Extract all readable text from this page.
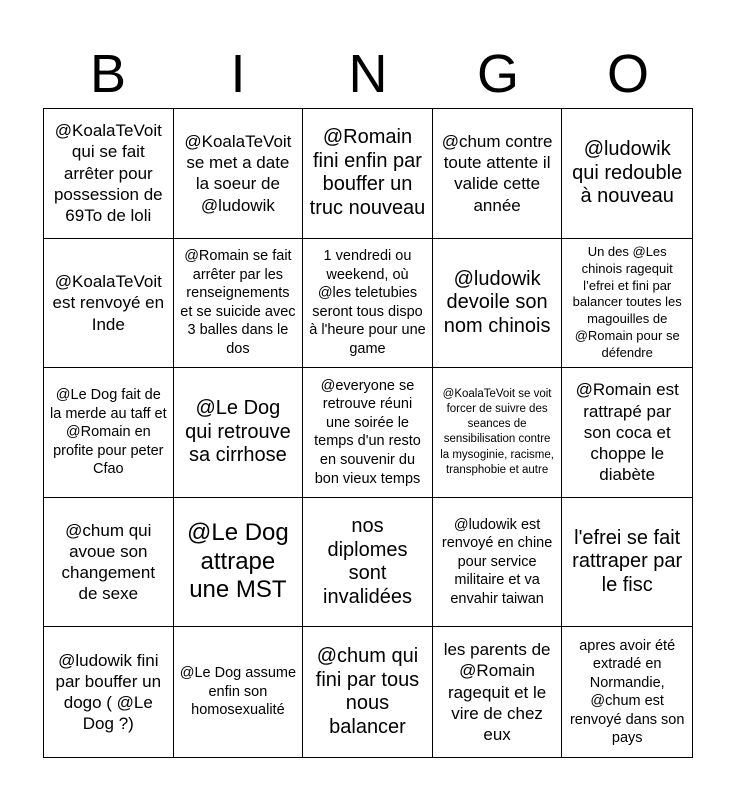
B	I	N	G	O
@KoalaTeVoit qui se fait arrêter pour possession de 69To de loli
@KoalaTeVoit se met a date la soeur de @ludowik
@Romain fini enfin par bouffer un truc nouveau
@chum contre toute attente il valide cette année
@ludowik qui redouble à nouveau
@KoalaTeVoit est renvoyé en Inde
@Romain se fait arrêter par les renseignements et se suicide avec 3 balles dans le dos
1 vendredi ou weekend, où @les teletubies seront tous dispo à l'heure pour une game
@ludowik devoile son nom chinois
Un des @Les chinois ragequit l’efrei et fini par balancer toutes les magouilles de @Romain pour se défendre
@Le Dog fait de la merde au taff et @Romain en profite pour peter Cfao
@Le Dog qui retrouve sa cirrhose
@everyone se retrouve réuni une soirée le temps d'un resto en souvenir du bon vieux temps
@KoalaTeVoit se voit forcer de suivre des seances de sensibilisation contre la mysoginie, racisme, transphobie et autre
@Romain est rattrapé par son coca et choppe le diabète
@chum qui avoue son changement de sexe
@Le Dog attrape une MST
nos diplomes sont invalidées
@ludowik est renvoyé en chine pour service militaire et va envahir taiwan
l'efrei se fait rattraper par le fisc
@ludowik fini par bouffer un dogo ( @Le Dog ?)
@Le Dog assume enfin son homosexualité
@chum qui fini par tous nous balancer
les parents de @Romain ragequit et le vire de chez eux
apres avoir été extradé en Normandie, @chum est renvoyé dans son pays
